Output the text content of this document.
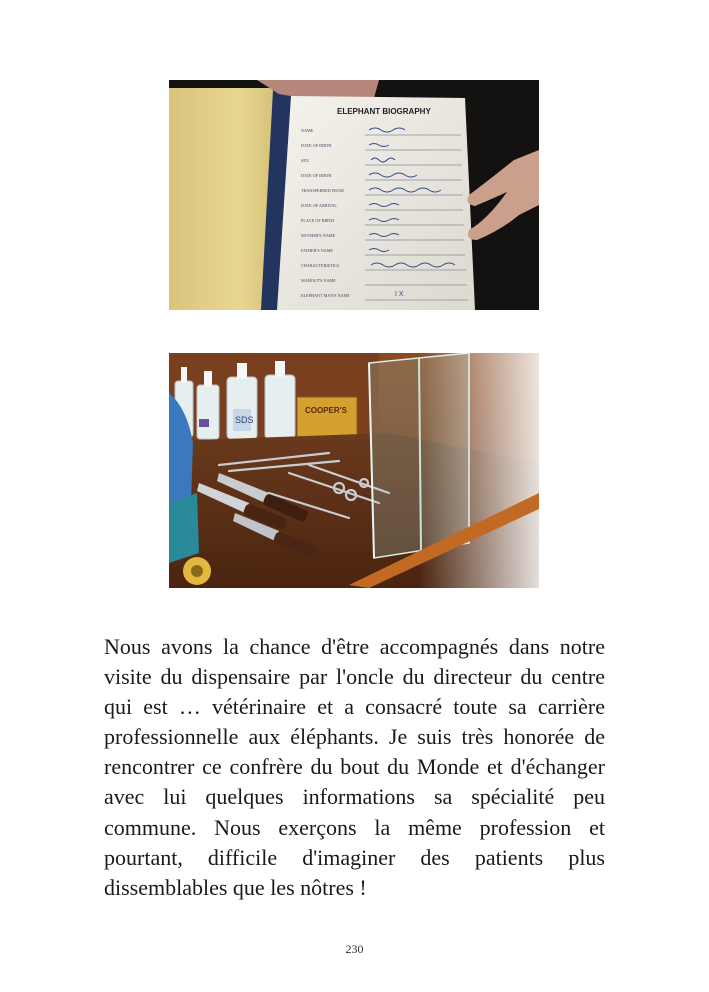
NAME
DATE OF BIRTH
SEX
DATE OF BIRTH
TRANSFERRED FROM
DATE OF ARRIVAL
PLACE OF BIRTH
MOTHER'S NAME
FATHER'S NAME
CHARACTERISTICS
MAHOUT'S NAME
ELEPHANT MAN'S NAME	I X
ELEPHANT BIOGRAPHY
SDS
COOPER'S

Nous avons la chance d'être accompagnés dans notre visite du dispensaire par l'oncle du directeur du centre qui est … vétérinaire et a consacré toute sa carrière professionnelle aux éléphants. Je suis très honorée de rencontrer ce confrère du bout du Monde et d'échanger avec lui quelques informations sa spécialité peu commune. Nous exerçons la même profession et pourtant, difficile d'imaginer des patients plus dissemblables que les nôtres !

230
